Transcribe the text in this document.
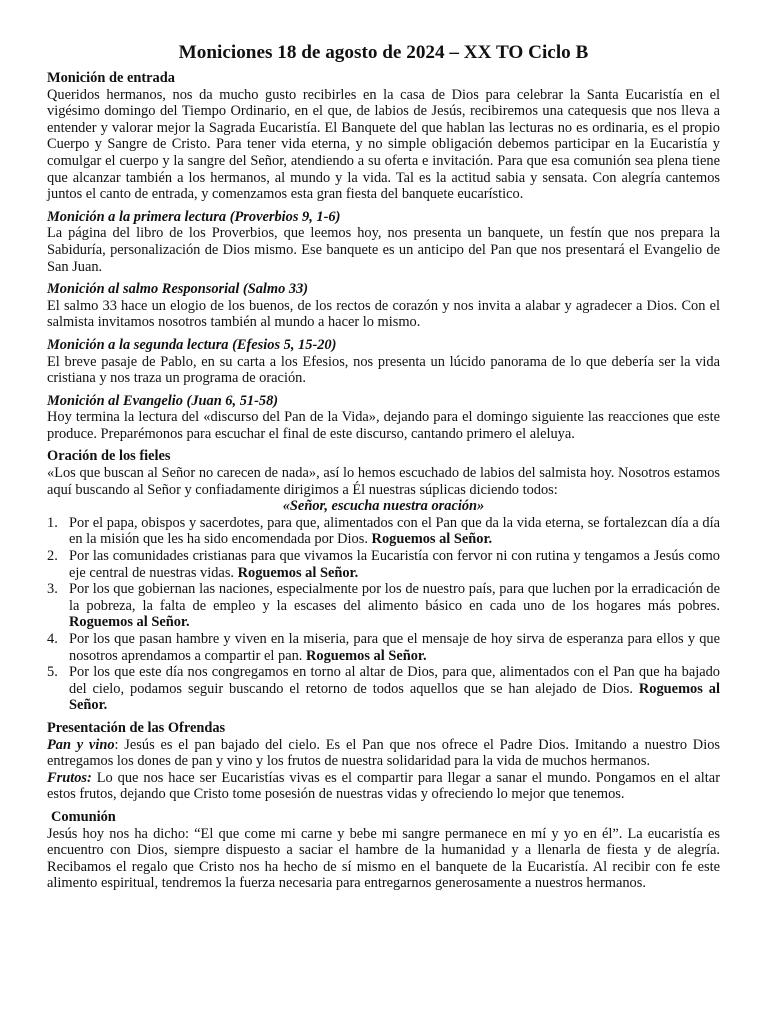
Moniciones 18 de agosto de 2024 – XX TO Ciclo B
Monición de entrada

Queridos hermanos, nos da mucho gusto recibirles en la casa de Dios para celebrar la Santa Eucaristía en el vigésimo domingo del Tiempo Ordinario, en el que, de labios de Jesús, recibiremos una catequesis que nos lleva a entender y valorar mejor la Sagrada Eucaristía. El Banquete del que hablan las lecturas no es ordinaria, es el propio Cuerpo y Sangre de Cristo. Para tener vida eterna, y no simple obligación debemos participar en la Eucaristía y comulgar el cuerpo y la sangre del Señor, atendiendo a su oferta e invitación. Para que esa comunión sea plena tiene que alcanzar también a los hermanos, al mundo y la vida. Tal es la actitud sabia y sensata. Con alegría cantemos juntos el canto de entrada, y comenzamos esta gran fiesta del banquete eucarístico.

Monición a la primera lectura (Proverbios 9, 1-6)

La página del libro de los Proverbios, que leemos hoy, nos presenta un banquete, un festín que nos prepara la Sabiduría, personalización de Dios mismo. Ese banquete es un anticipo del Pan que nos presentará el Evangelio de San Juan.

Monición al salmo Responsorial (Salmo 33)

El salmo 33 hace un elogio de los buenos, de los rectos de corazón y nos invita a alabar y agradecer a Dios. Con el salmista invitamos nosotros también al mundo a hacer lo mismo.

Monición a la segunda lectura (Efesios 5, 15-20)

El breve pasaje de Pablo, en su carta a los Efesios, nos presenta un lúcido panorama de lo que debería ser la vida cristiana y nos traza un programa de oración.

Monición al Evangelio (Juan 6, 51-58)

Hoy termina la lectura del «discurso del Pan de la Vida», dejando para el domingo siguiente las reacciones que este produce. Preparémonos para escuchar el final de este discurso, cantando primero el aleluya.

Oración de los fieles

«Los que buscan al Señor no carecen de nada», así lo hemos escuchado de labios del salmista hoy. Nosotros estamos aquí buscando al Señor y confiadamente dirigimos a Él nuestras súplicas diciendo todos:

«Señor, escucha nuestra oración»
1. Por el papa, obispos y sacerdotes, para que, alimentados con el Pan que da la vida eterna, se fortalezcan día a día en la misión que les ha sido encomendada por Dios. Roguemos al Señor.
2. Por las comunidades cristianas para que vivamos la Eucaristía con fervor ni con rutina y tengamos a Jesús como eje central de nuestras vidas. Roguemos al Señor.
3. Por los que gobiernan las naciones, especialmente por los de nuestro país, para que luchen por la erradicación de la pobreza, la falta de empleo y la escases del alimento básico en cada uno de los hogares más pobres. Roguemos al Señor.
4. Por los que pasan hambre y viven en la miseria, para que el mensaje de hoy sirva de esperanza para ellos y que nosotros aprendamos a compartir el pan. Roguemos al Señor.
5. Por los que este día nos congregamos en torno al altar de Dios, para que, alimentados con el Pan que ha bajado del cielo, podamos seguir buscando el retorno de todos aquellos que se han alejado de Dios. Roguemos al Señor.
Presentación de las Ofrendas

Pan y vino: Jesús es el pan bajado del cielo. Es el Pan que nos ofrece el Padre Dios. Imitando a nuestro Dios entregamos los dones de pan y vino y los frutos de nuestra solidaridad para la vida de muchos hermanos.

Frutos: Lo que nos hace ser Eucaristías vivas es el compartir para llegar a sanar el mundo. Pongamos en el altar estos frutos, dejando que Cristo tome posesión de nuestras vidas y ofreciendo lo mejor que tenemos.

Comunión

Jesús hoy nos ha dicho: “El que come mi carne y bebe mi sangre permanece en mí y yo en él”. La eucaristía es encuentro con Dios, siempre dispuesto a saciar el hambre de la humanidad y a llenarla de fiesta y de alegría. Recibamos el regalo que Cristo nos ha hecho de sí mismo en el banquete de la Eucaristía. Al recibir con fe este alimento espiritual, tendremos la fuerza necesaria para entregarnos generosamente a nuestros hermanos.
